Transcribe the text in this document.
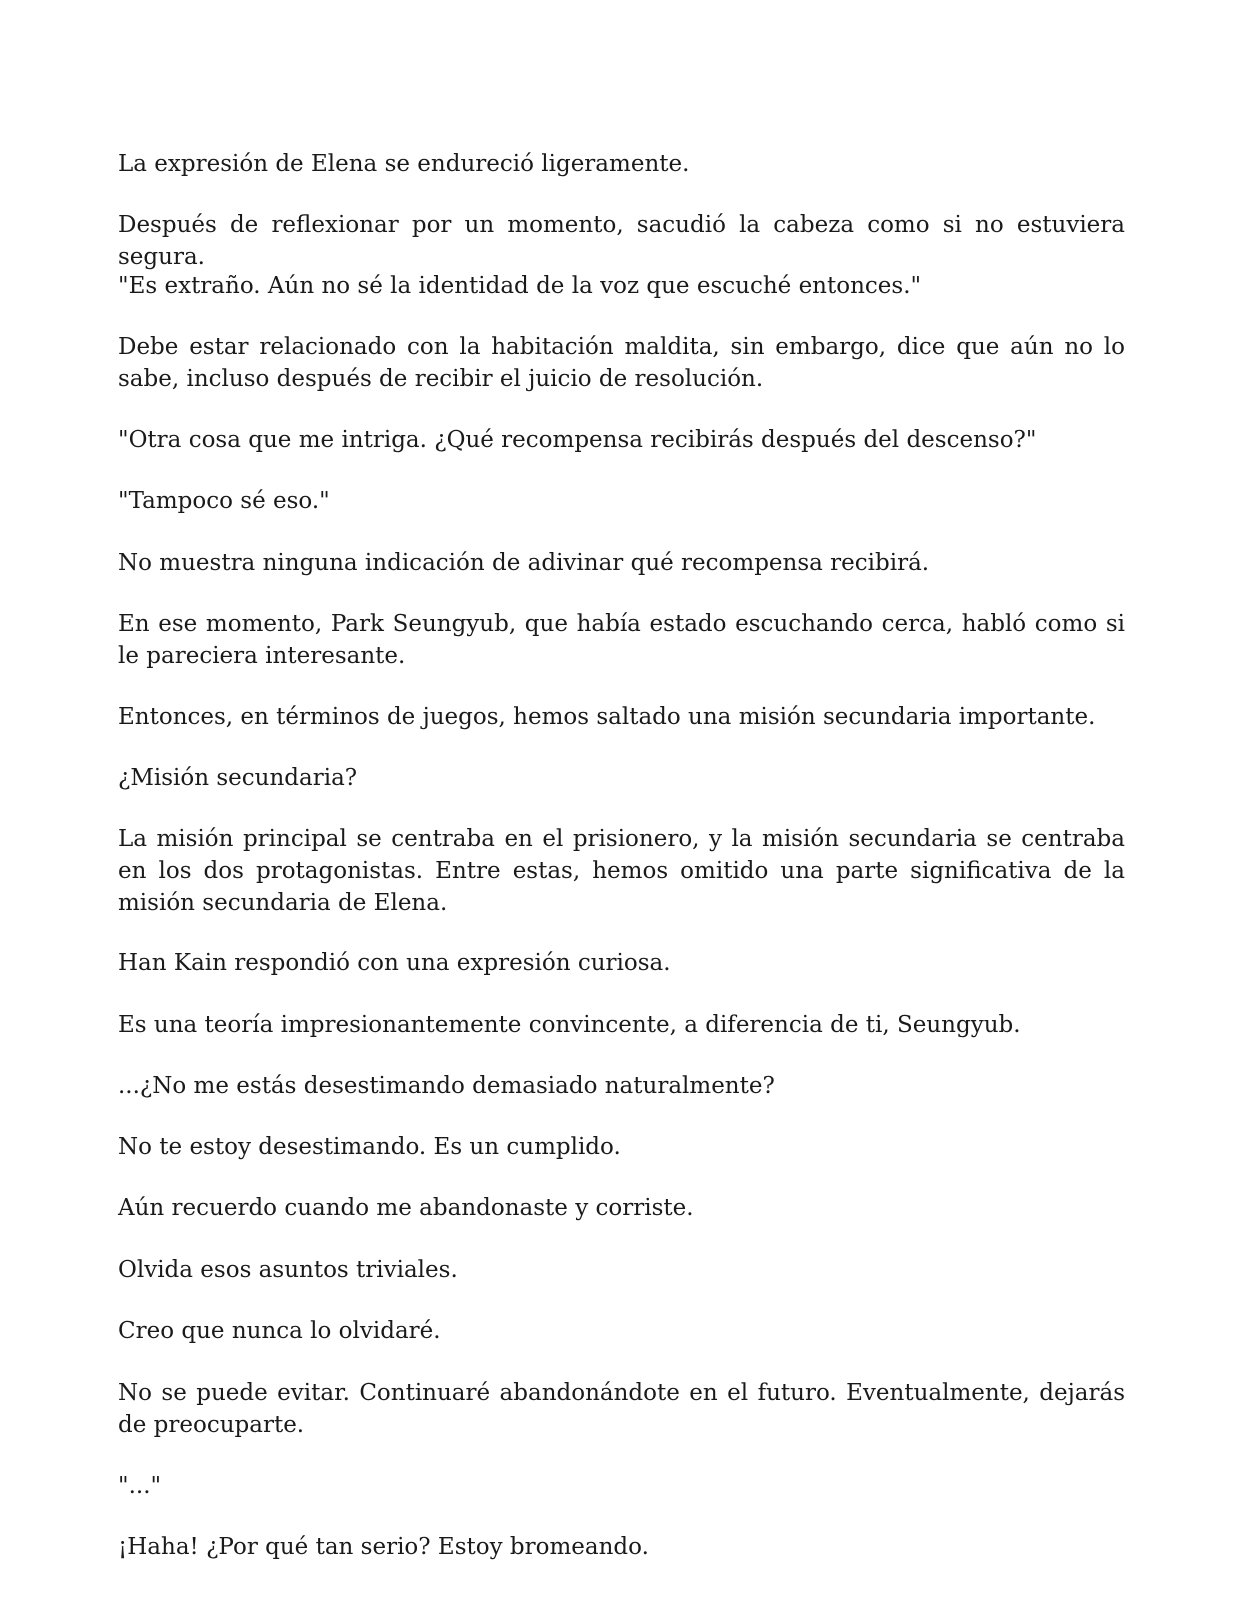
La expresión de Elena se endureció ligeramente.

Después de reflexionar por un momento, sacudió la cabeza como si no estuviera segura.

"Es extraño. Aún no sé la identidad de la voz que escuché entonces."

Debe estar relacionado con la habitación maldita, sin embargo, dice que aún no lo sabe, incluso después de recibir el juicio de resolución.

"Otra cosa que me intriga. ¿Qué recompensa recibirás después del descenso?"

"Tampoco sé eso."

No muestra ninguna indicación de adivinar qué recompensa recibirá.

En ese momento, Park Seungyub, que había estado escuchando cerca, habló como si le pareciera interesante.

Entonces, en términos de juegos, hemos saltado una misión secundaria importante.

¿Misión secundaria?

La misión principal se centraba en el prisionero, y la misión secundaria se centraba en los dos protagonistas. Entre estas, hemos omitido una parte significativa de la misión secundaria de Elena.

Han Kain respondió con una expresión curiosa.

Es una teoría impresionantemente convincente, a diferencia de ti, Seungyub.

...¿No me estás desestimando demasiado naturalmente?

No te estoy desestimando. Es un cumplido.

Aún recuerdo cuando me abandonaste y corriste.

Olvida esos asuntos triviales.

Creo que nunca lo olvidaré.

No se puede evitar. Continuaré abandonándote en el futuro. Eventualmente, dejarás de preocuparte.

"..."

¡Haha! ¿Por qué tan serio? Estoy bromeando.
